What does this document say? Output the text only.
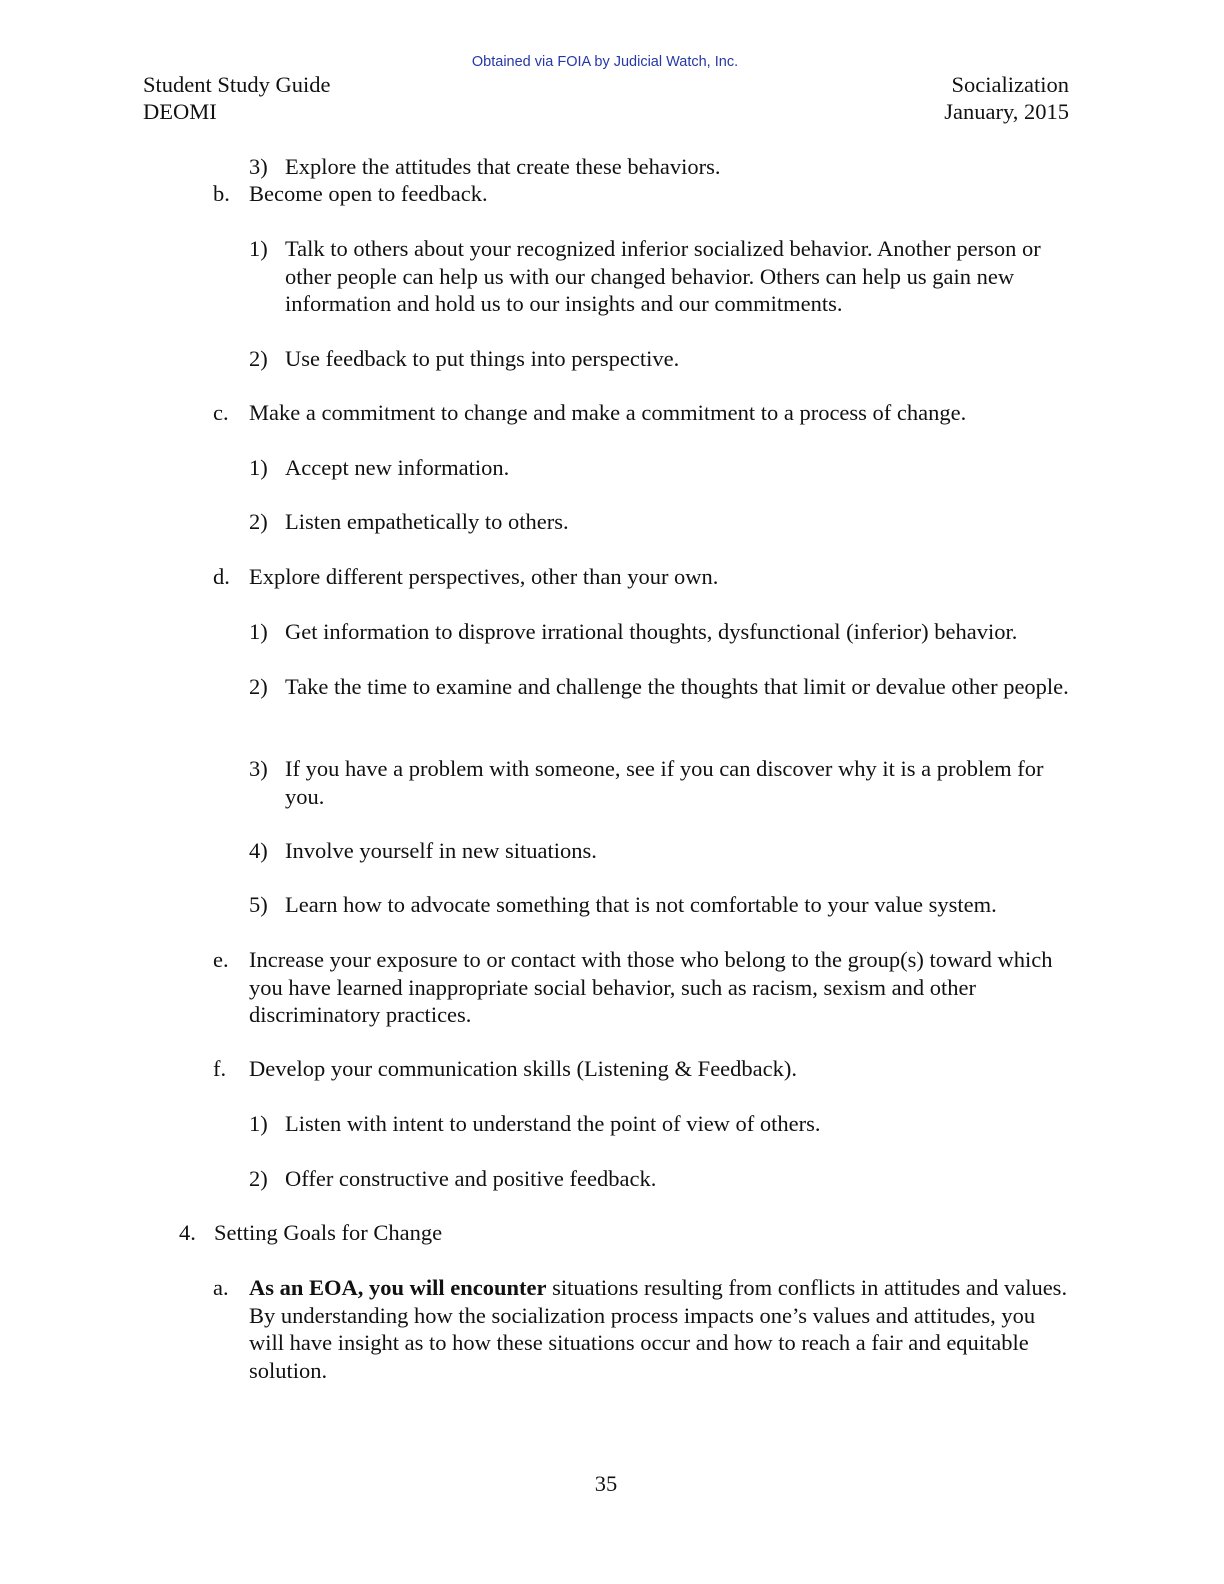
Obtained via FOIA by Judicial Watch, Inc.
Student Study Guide
DEOMI
Socialization
January, 2015
3) Explore the attitudes that create these behaviors.
b. Become open to feedback.
1) Talk to others about your recognized inferior socialized behavior. Another person or other people can help us with our changed behavior. Others can help us gain new information and hold us to our insights and our commitments.
2) Use feedback to put things into perspective.
c. Make a commitment to change and make a commitment to a process of change.
1) Accept new information.
2) Listen empathetically to others.
d. Explore different perspectives, other than your own.
1) Get information to disprove irrational thoughts, dysfunctional (inferior) behavior.
2) Take the time to examine and challenge the thoughts that limit or devalue other people.
3) If you have a problem with someone, see if you can discover why it is a problem for you.
4) Involve yourself in new situations.
5) Learn how to advocate something that is not comfortable to your value system.
e. Increase your exposure to or contact with those who belong to the group(s) toward which you have learned inappropriate social behavior, such as racism, sexism and other discriminatory practices.
f. Develop your communication skills (Listening & Feedback).
1) Listen with intent to understand the point of view of others.
2) Offer constructive and positive feedback.
4. Setting Goals for Change
a. As an EOA, you will encounter situations resulting from conflicts in attitudes and values. By understanding how the socialization process impacts one’s values and attitudes, you will have insight as to how these situations occur and how to reach a fair and equitable solution.
35
